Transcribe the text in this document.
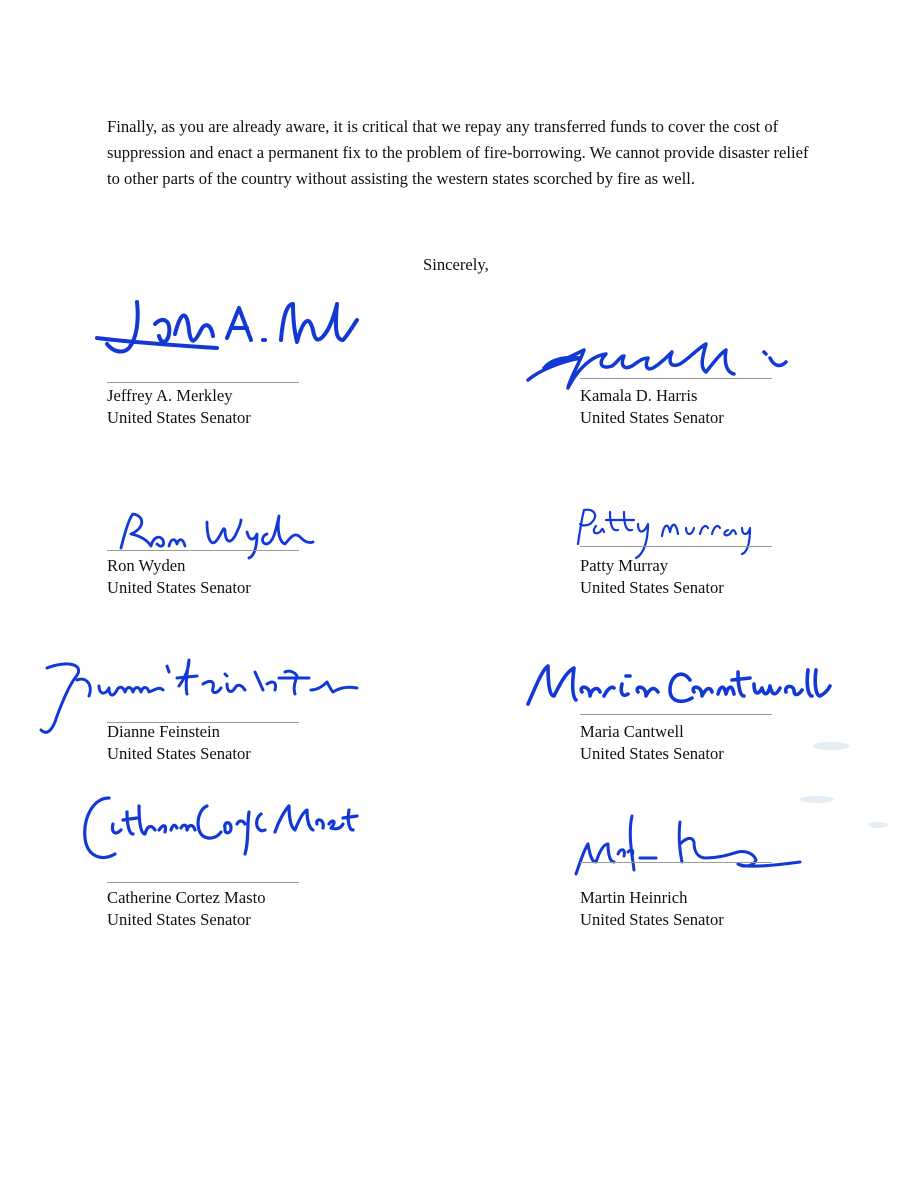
Finally, as you are already aware, it is critical that we repay any transferred funds to cover the cost of suppression and enact a permanent fix to the problem of fire-borrowing. We cannot provide disaster relief to other parts of the country without assisting the western states scorched by fire as well.

Sincerely,

Jeffrey A. Merkley
United States Senator
Kamala D. Harris
United States Senator
Ron Wyden
United States Senator
Patty Murray
United States Senator
Dianne Feinstein
United States Senator
Maria Cantwell
United States Senator
Catherine Cortez Masto
United States Senator
Martin Heinrich
United States Senator
